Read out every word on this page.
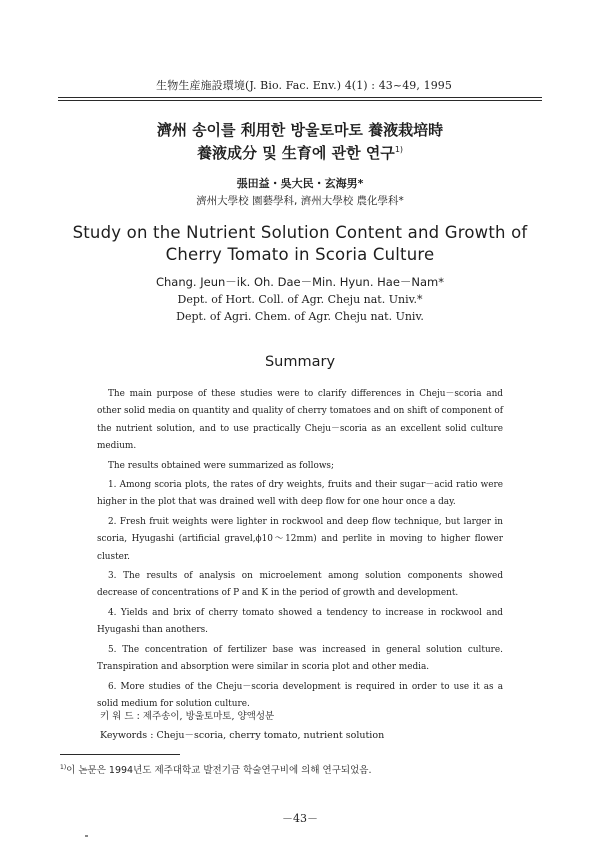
生物生産施設環境(J. Bio. Fac. Env.) 4(1) : 43~49, 1995
濟州 송이를 利用한 방울토마토 養液栽培時
養液成分 및 生育에 관한 연구$^{1)}$
張田益・吳大民・玄海男*
濟州大學校 園藝學科, 濟州大學校 農化學科*
Study on the Nutrient Solution Content and Growth of
Cherry Tomato in Scoria Culture
Chang. Jeun－ik. Oh. Dae－Min. Hyun. Hae－Nam*
Dept. of Hort. Coll. of Agr. Cheju nat. Univ.*
Dept. of Agri. Chem. of Agr. Cheju nat. Univ.
Summary

The main purpose of these studies were to clarify differences in Cheju－scoria and other solid media on quantity and quality of cherry tomatoes and on shift of component of the nutrient solution, and to use practically Cheju－scoria as an excellent solid culture medium.

The results obtained were summarized as follows;

1. Among scoria plots, the rates of dry weights, fruits and their sugar－acid ratio were higher in the plot that was drained well with deep flow for one hour once a day.

2. Fresh fruit weights were lighter in rockwool and deep flow technique, but larger in scoria, Hyugashi (artificial gravel,ϕ10～12mm) and perlite in moving to higher flower cluster.

3. The results of analysis on microelement among solution components showed decrease of concentrations of P and K in the period of growth and development.

4. Yields and brix of cherry tomato showed a tendency to increase in rockwool and Hyugashi than anothers.

5. The concentration of fertilizer base was increased in general solution culture. Transpiration and absorption were similar in scoria plot and other media.

6. More studies of the Cheju－scoria development is required in order to use it as a solid medium for solution culture.

키 워 드 : 제주송이, 방울토마토, 양액성분
Keywords : Cheju－scoria, cherry tomato, nutrient solution
$^{1)}$이 논문은 1994년도 제주대학교 발전기금 학술연구비에 의해 연구되었음.
－43－
